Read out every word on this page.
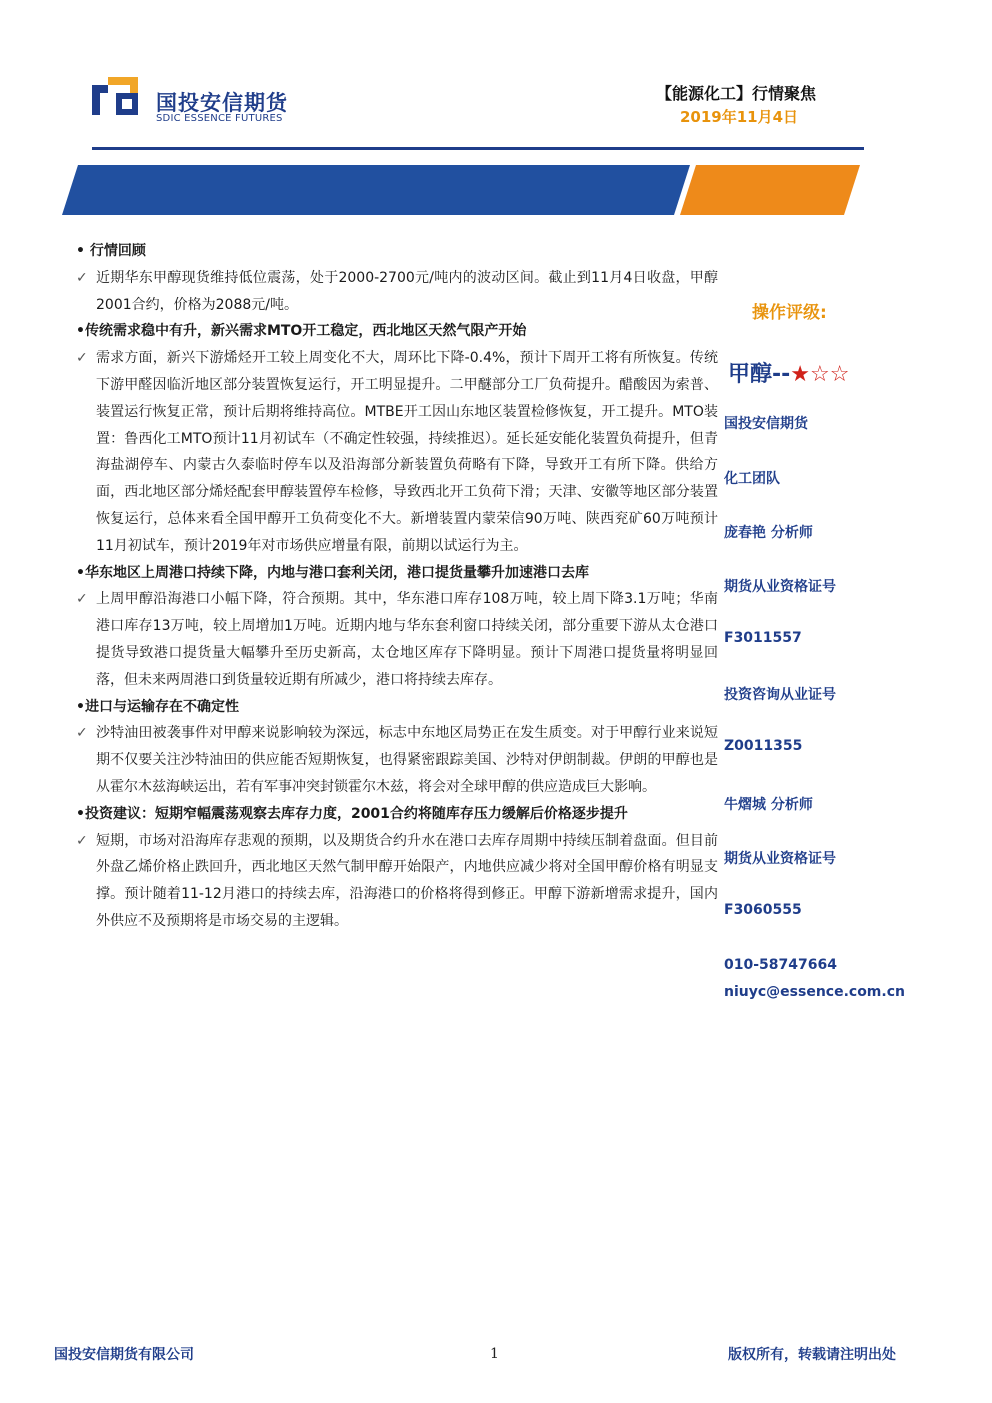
国投安信期货
SDIC ESSENCE FUTURES
【能源化工】行情聚焦
2019年11月4日
内地供需稳定，华东地区高库存压力逐渐缓解，价格中枢将上移	甲醇-行情聚焦

• 行情回顾

✓ 近期华东甲醇现货维持低位震荡，处于2000-2700元/吨内的波动区间。截止到11月4日收盘，甲醇2001合约，价格为2088元/吨。

•传统需求稳中有升，新兴需求MTO开工稳定，西北地区天然气限产开始

✓ 需求方面，新兴下游烯烃开工较上周变化不大，周环比下降-0.4%，预计下周开工将有所恢复。传统下游甲醛因临沂地区部分装置恢复运行，开工明显提升。二甲醚部分工厂负荷提升。醋酸因为索普、装置运行恢复正常，预计后期将维持高位。MTBE开工因山东地区装置检修恢复，开工提升。MTO装置：鲁西化工MTO预计11月初试车（不确定性较强，持续推迟）。延长延安能化装置负荷提升，但青海盐湖停车、内蒙古久泰临时停车以及沿海部分新装置负荷略有下降，导致开工有所下降。供给方面，西北地区部分烯烃配套甲醇装置停车检修，导致西北开工负荷下滑；天津、安徽等地区部分装置恢复运行，总体来看全国甲醇开工负荷变化不大。新增装置内蒙荣信90万吨、陕西兖矿60万吨预计11月初试车，预计2019年对市场供应增量有限，前期以试运行为主。

•华东地区上周港口持续下降，内地与港口套利关闭，港口提货量攀升加速港口去库

✓ 上周甲醇沿海港口小幅下降，符合预期。其中，华东港口库存108万吨，较上周下降3.1万吨；华南港口库存13万吨，较上周增加1万吨。近期内地与华东套利窗口持续关闭，部分重要下游从太仓港口提货导致港口提货量大幅攀升至历史新高，太仓地区库存下降明显。预计下周港口提货量将明显回落，但未来两周港口到货量较近期有所减少，港口将持续去库存。

•进口与运输存在不确定性

✓ 沙特油田被袭事件对甲醇来说影响较为深远，标志中东地区局势正在发生质变。对于甲醇行业来说短期不仅要关注沙特油田的供应能否短期恢复，也得紧密跟踪美国、沙特对伊朗制裁。伊朗的甲醇也是从霍尔木兹海峡运出，若有军事冲突封锁霍尔木兹，将会对全球甲醇的供应造成巨大影响。

•投资建议：短期窄幅震荡观察去库存力度，2001合约将随库存压力缓解后价格逐步提升

✓ 短期，市场对沿海库存悲观的预期，以及期货合约升水在港口去库存周期中持续压制着盘面。但目前外盘乙烯价格止跌回升，西北地区天然气制甲醇开始限产，内地供应减少将对全国甲醇价格有明显支撑。预计随着11-12月港口的持续去库，沿海港口的价格将得到修正。甲醇下游新增需求提升，国内外供应不及预期将是市场交易的主逻辑。

操作评级:
甲醇--★☆☆
国投安信期货
化工团队
庞春艳 分析师
期货从业资格证号
F3011557
投资咨询从业证号
Z0011355
牛熠城 分析师
期货从业资格证号
F3060555
010-58747664
niuyc@essence.com.cn
国投安信期货有限公司	1	版权所有，转载请注明出处
